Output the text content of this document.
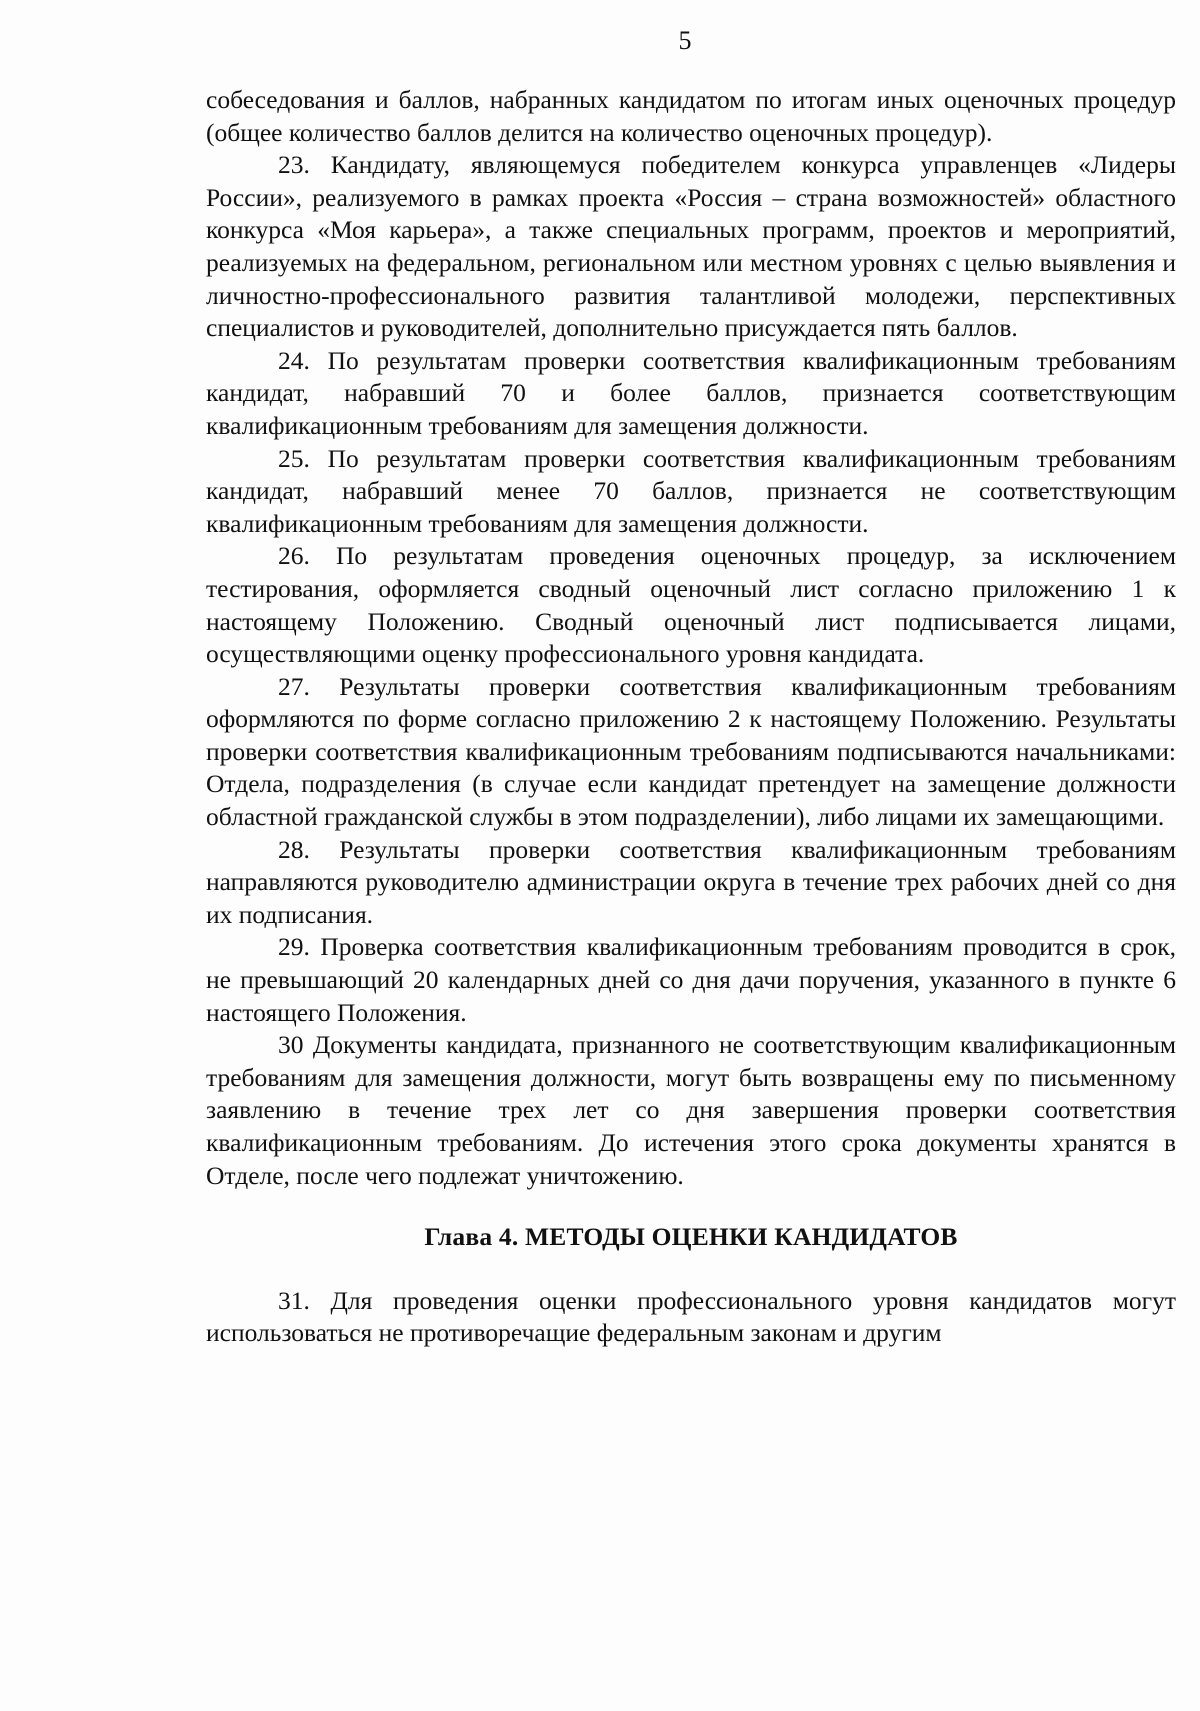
5

собеседования и баллов, набранных кандидатом по итогам иных оценочных процедур (общее количество баллов делится на количество оценочных процедур).

23. Кандидату, являющемуся победителем конкурса управленцев «Лидеры России», реализуемого в рамках проекта «Россия – страна возможностей» областного конкурса «Моя карьера», а также специальных программ, проектов и мероприятий, реализуемых на федеральном, региональном или местном уровнях с целью выявления и личностно-профессионального развития талантливой молодежи, перспективных специалистов и руководителей, дополнительно присуждается пять баллов.

24. По результатам проверки соответствия квалификационным требованиям кандидат, набравший 70 и более баллов, признается соответствующим квалификационным требованиям для замещения должности.

25. По результатам проверки соответствия квалификационным требованиям кандидат, набравший менее 70 баллов, признается не соответствующим квалификационным требованиям для замещения должности.

26. По результатам проведения оценочных процедур, за исключением тестирования, оформляется сводный оценочный лист согласно приложению 1 к настоящему Положению. Сводный оценочный лист подписывается лицами, осуществляющими оценку профессионального уровня кандидата.

27. Результаты проверки соответствия квалификационным требованиям оформляются по форме согласно приложению 2 к настоящему Положению. Результаты проверки соответствия квалификационным требованиям подписываются начальниками: Отдела, подразделения (в случае если кандидат претендует на замещение должности областной гражданской службы в этом подразделении), либо лицами их замещающими.

28. Результаты проверки соответствия квалификационным требованиям направляются руководителю администрации округа в течение трех рабочих дней со дня их подписания.

29. Проверка соответствия квалификационным требованиям проводится в срок, не превышающий 20 календарных дней со дня дачи поручения, указанного в пункте 6 настоящего Положения.

30 Документы кандидата, признанного не соответствующим квалификационным требованиям для замещения должности, могут быть возвращены ему по письменному заявлению в течение трех лет со дня завершения проверки соответствия квалификационным требованиям. До истечения этого срока документы хранятся в Отделе, после чего подлежат уничтожению.

Глава 4. МЕТОДЫ ОЦЕНКИ КАНДИДАТОВ

31. Для проведения оценки профессионального уровня кандидатов могут использоваться не противоречащие федеральным законам и другим
